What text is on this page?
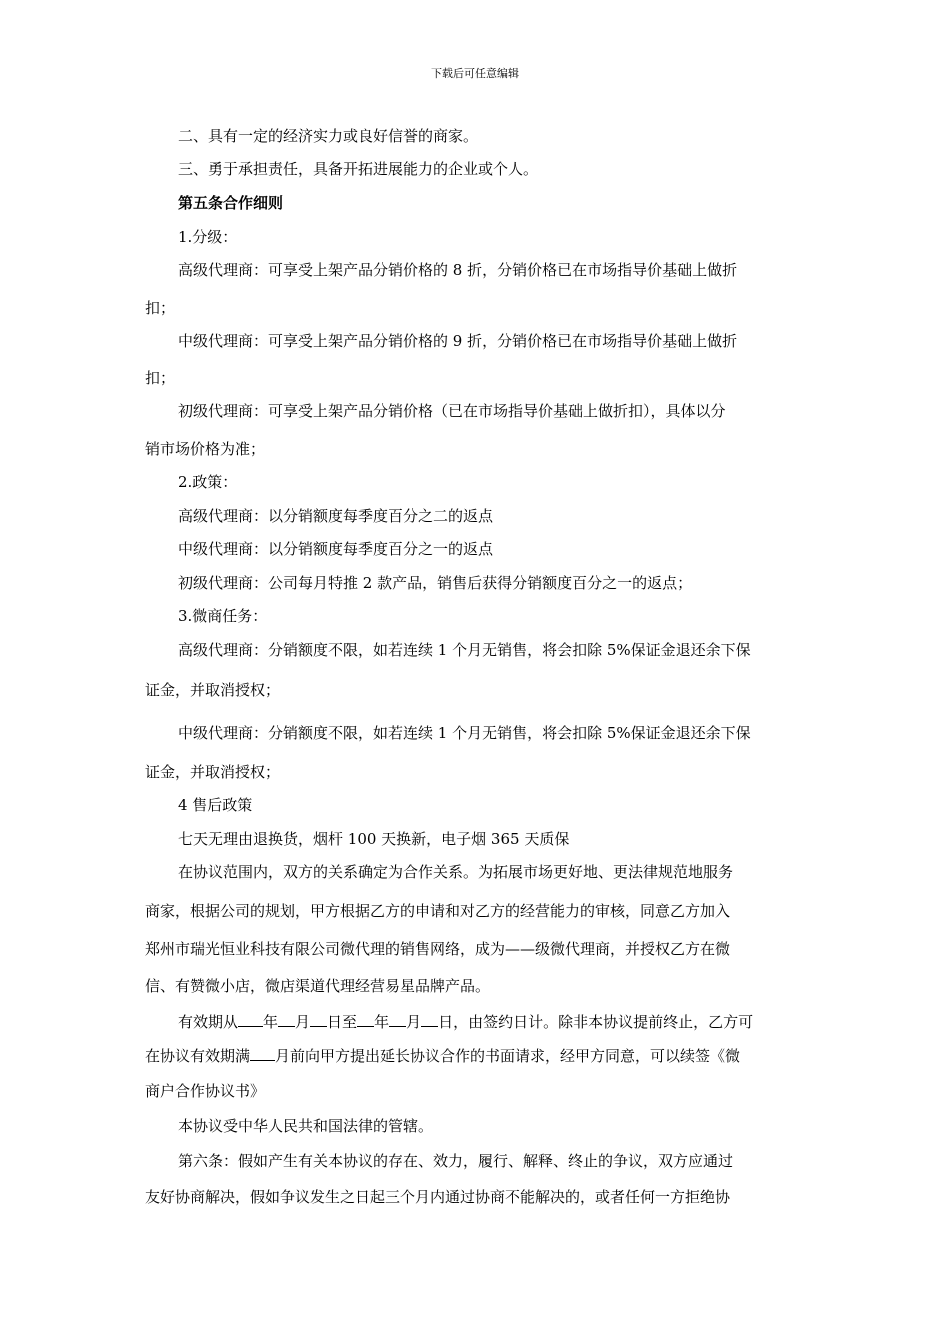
下载后可任意编辑
二、具有一定的经济实力或良好信誉的商家。
三、勇于承担责任，具备开拓进展能力的企业或个人。
第五条合作细则
1.分级：
高级代理商：可享受上架产品分销价格的 8 折，分销价格已在市场指导价基础上做折
扣；
中级代理商：可享受上架产品分销价格的 9 折，分销价格已在市场指导价基础上做折
扣；
初级代理商：可享受上架产品分销价格（已在市场指导价基础上做折扣），具体以分
销市场价格为准；
2.政策：
高级代理商：以分销额度每季度百分之二的返点
中级代理商：以分销额度每季度百分之一的返点
初级代理商：公司每月特推 2 款产品，销售后获得分销额度百分之一的返点；
3.微商任务：
高级代理商：分销额度不限，如若连续 1 个月无销售，将会扣除 5%保证金退还余下保
证金，并取消授权；
中级代理商：分销额度不限，如若连续 1 个月无销售，将会扣除 5%保证金退还余下保
证金，并取消授权；
4 售后政策
七天无理由退换货，烟杆 100 天换新，电子烟 365 天质保
在协议范围内，双方的关系确定为合作关系。为拓展市场更好地、更法律规范地服务
商家，根据公司的规划，甲方根据乙方的申请和对乙方的经营能力的审核，同意乙方加入
郑州市瑞光恒业科技有限公司微代理的销售网络，成为——级微代理商，并授权乙方在微
信、有赞微小店，微店渠道代理经营易星品牌产品。
有效期从 年 月 日至 年 月 日，由签约日计。除非本协议提前终止，乙方可
在协议有效期满 月前向甲方提出延长协议合作的书面请求，经甲方同意，可以续签《微
商户合作协议书》
本协议受中华人民共和国法律的管辖。
第六条：假如产生有关本协议的存在、效力，履行、解释、终止的争议，双方应通过
友好协商解决，假如争议发生之日起三个月内通过协商不能解决的，或者任何一方拒绝协
